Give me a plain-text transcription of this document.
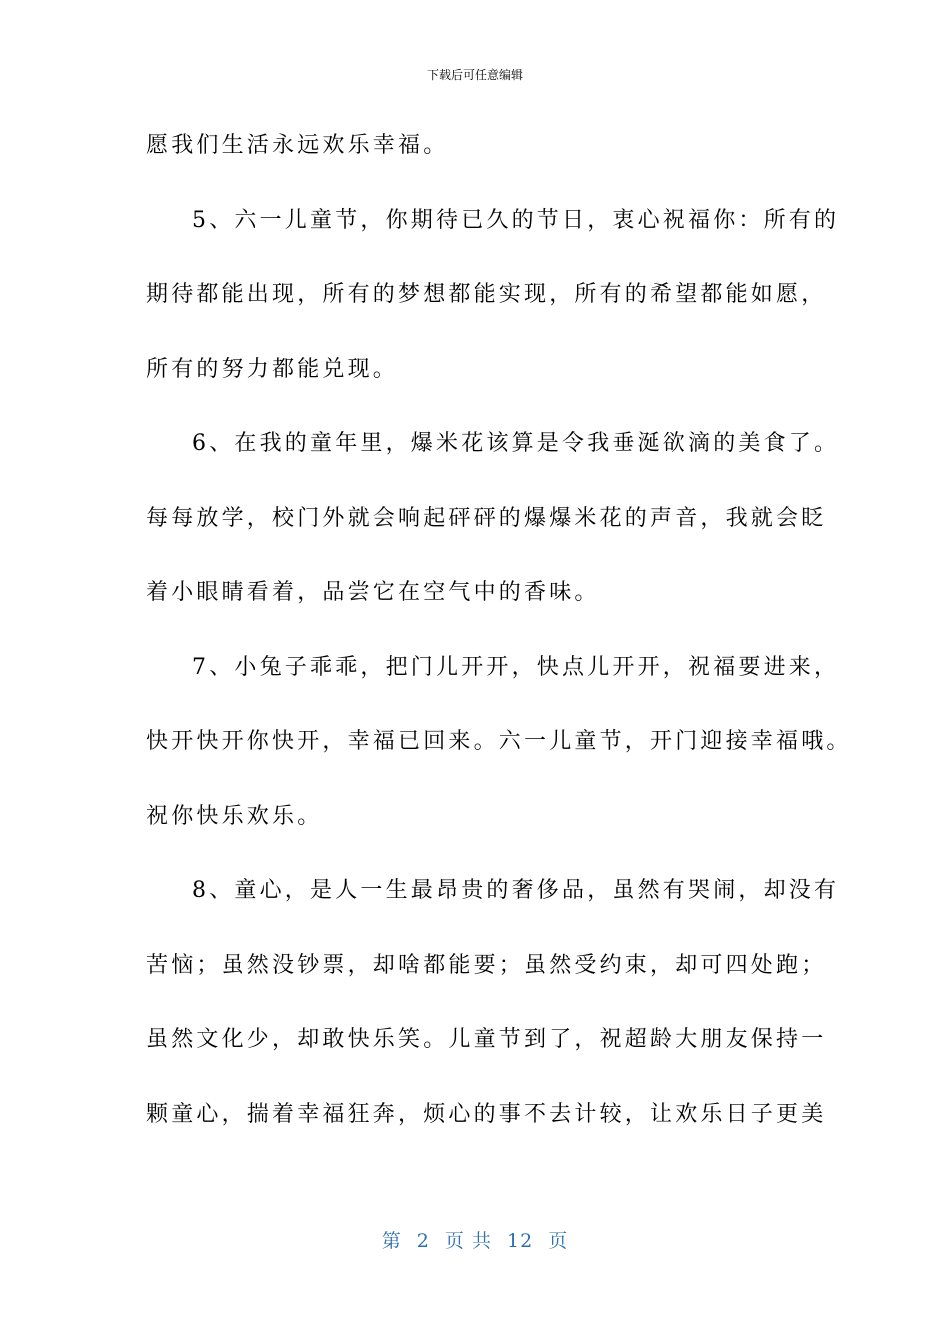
下载后可任意编辑
愿我们生活永远欢乐幸福。
5、六一儿童节，你期待已久的节日，衷心祝福你：所有的
期待都能出现，所有的梦想都能实现，所有的希望都能如愿，
所有的努力都能兑现。
6、在我的童年里，爆米花该算是令我垂涎欲滴的美食了。
每每放学，校门外就会响起砰砰的爆爆米花的声音，我就会眨
着小眼睛看着，品尝它在空气中的香味。
7、小兔子乖乖，把门儿开开，快点儿开开，祝福要进来，
快开快开你快开，幸福已回来。六一儿童节，开门迎接幸福哦。
祝你快乐欢乐。
8、童心，是人一生最昂贵的奢侈品，虽然有哭闹，却没有
苦恼；虽然没钞票，却啥都能要；虽然受约束，却可四处跑；
虽然文化少，却敢快乐笑。儿童节到了，祝超龄大朋友保持一
颗童心，揣着幸福狂奔，烦心的事不去计较，让欢乐日子更美
第 2 页 共 12 页
